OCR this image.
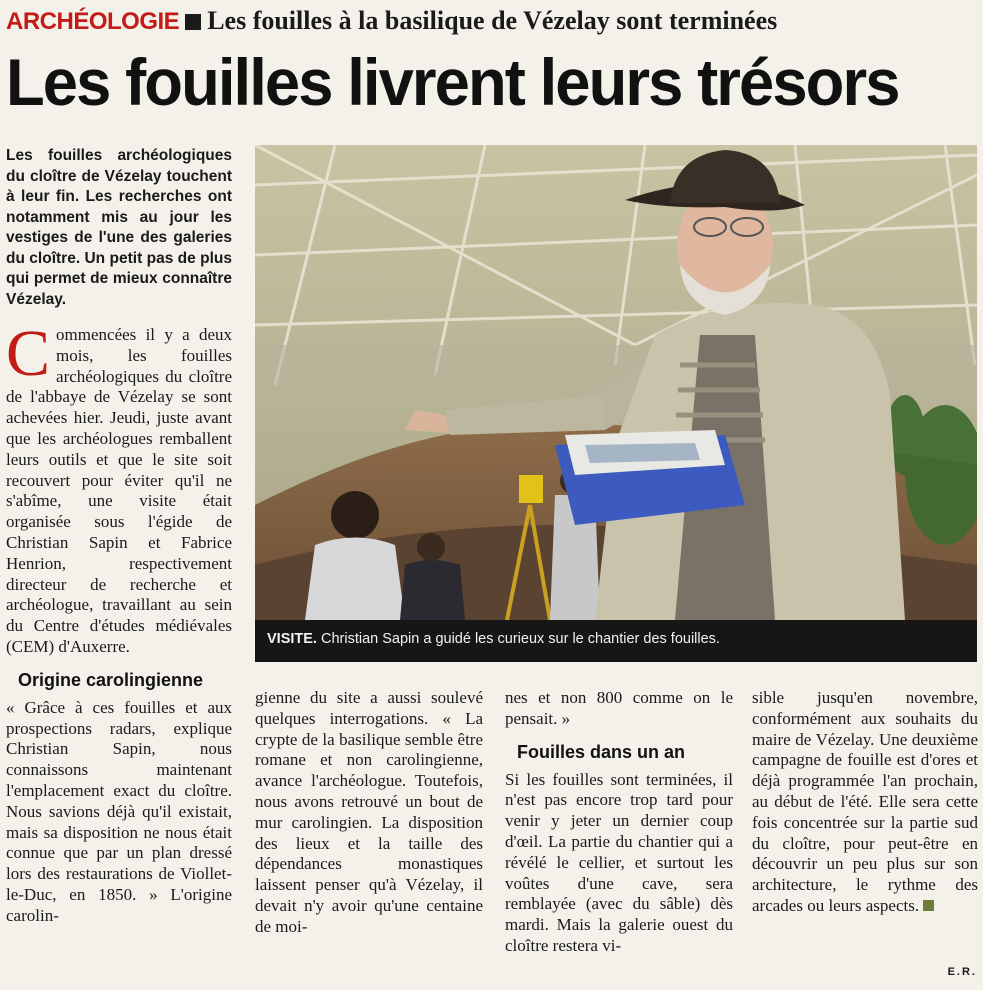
ARCHÉOLOGIE Les fouilles à la basilique de Vézelay sont terminées
Les fouilles livrent leurs trésors
Les fouilles archéologiques du cloître de Vézelay touchent à leur fin. Les recherches ont notamment mis au jour les vestiges de l'une des galeries du cloître. Un petit pas de plus qui permet de mieux connaître Vézelay.
VISITE. Christian Sapin a guidé les curieux sur le chantier des fouilles.

Commencées il y a deux mois, les fouilles archéologiques du cloître de l'abbaye de Vézelay se sont achevées hier. Jeudi, juste avant que les archéologues remballent leurs outils et que le site soit recouvert pour éviter qu'il ne s'abîme, une visite était organisée sous l'égide de Christian Sapin et Fabrice Henrion, respectivement directeur de recherche et archéologue, travaillant au sein du Centre d'études médiévales (CEM) d'Auxerre.

Origine carolingienne

« Grâce à ces fouilles et aux prospections radars, explique Christian Sapin, nous connaissons maintenant l'emplacement exact du cloître. Nous savions déjà qu'il existait, mais sa disposition ne nous était connue que par un plan dressé lors des restaurations de Viollet-le-Duc, en 1850. » L'origine carolin-

gienne du site a aussi soulevé quelques interrogations. « La crypte de la basilique semble être romane et non carolingienne, avance l'archéologue. Toutefois, nous avons retrouvé un bout de mur carolingien. La disposition des lieux et la taille des dépendances monastiques laissent penser qu'à Vézelay, il devait n'y avoir qu'une centaine de moi-

nes et non 800 comme on le pensait. »

Fouilles dans un an

Si les fouilles sont terminées, il n'est pas encore trop tard pour venir y jeter un dernier coup d'œil. La partie du chantier qui a révélé le cellier, et surtout les voûtes d'une cave, sera remblayée (avec du sâble) dès mardi. Mais la galerie ouest du cloître restera vi-

sible jusqu'en novembre, conformément aux souhaits du maire de Vézelay. Une deuxième campagne de fouille est d'ores et déjà programmée l'an prochain, au début de l'été. Elle sera cette fois concentrée sur la partie sud du cloître, pour peut-être en découvrir un peu plus sur son architecture, le rythme des arcades ou leurs aspects.

E.R.
